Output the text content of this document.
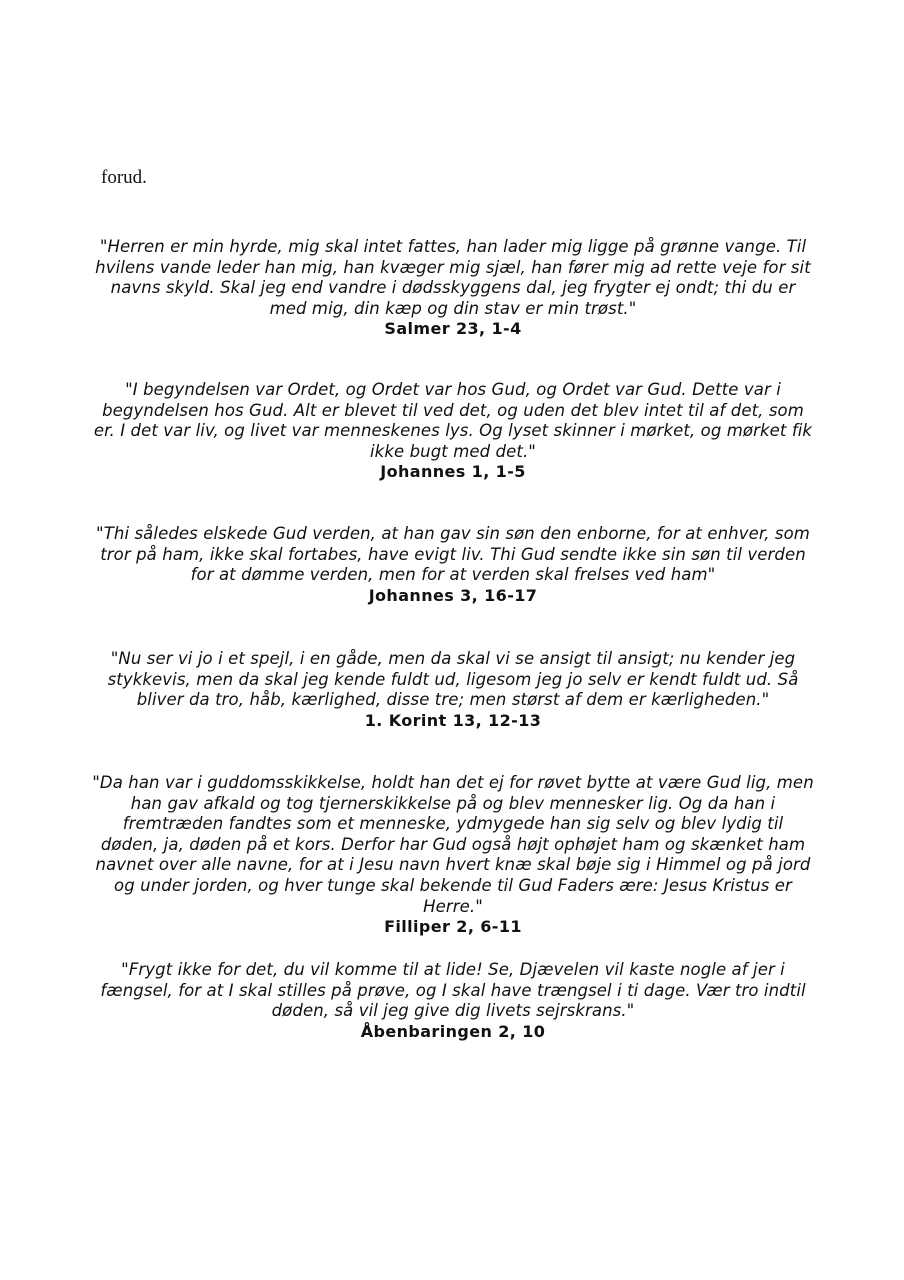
forud.

"Herren er min hyrde, mig skal intet fattes, han lader mig ligge på grønne vange. Til hvilens vande leder han mig, han kvæger mig sjæl, han fører mig ad rette veje for sit navns skyld. Skal jeg end vandre i dødsskyggens dal, jeg frygter ej ondt; thi du er med mig, din kæp og din stav er min trøst."

Salmer 23, 1-4

"I begyndelsen var Ordet, og Ordet var hos Gud, og Ordet var Gud. Dette var i begyndelsen hos Gud. Alt er blevet til ved det, og uden det blev intet til af det, som er. I det var liv, og livet var menneskenes lys. Og lyset skinner i mørket, og mørket fik ikke bugt med det."

Johannes 1, 1-5

"Thi således elskede Gud verden, at han gav sin søn den enborne, for at enhver, som tror på ham, ikke skal fortabes, have evigt liv. Thi Gud sendte ikke sin søn til verden for at dømme verden, men for at verden skal frelses ved ham"

Johannes 3, 16-17

"Nu ser vi jo i et spejl, i en gåde, men da skal vi se ansigt til ansigt; nu kender jeg stykkevis, men da skal jeg kende fuldt ud, ligesom jeg jo selv er kendt fuldt ud. Så bliver da tro, håb, kærlighed, disse tre; men størst af dem er kærligheden."

1. Korint 13, 12-13

"Da han var i guddomsskikkelse, holdt han det ej for røvet bytte at være Gud lig, men han gav afkald og tog tjernerskikkelse på og blev mennesker lig. Og da han i fremtræden fandtes som et menneske, ydmygede han sig selv og blev lydig til døden, ja, døden på et kors. Derfor har Gud også højt ophøjet ham og skænket ham navnet over alle navne, for at i Jesu navn hvert knæ skal bøje sig i Himmel og på jord og under jorden, og hver tunge skal bekende til Gud Faders ære: Jesus Kristus er Herre."

Filliper 2, 6-11

"Frygt ikke for det, du vil komme til at lide! Se, Djævelen vil kaste nogle af jer i fængsel, for at I skal stilles på prøve, og I skal have trængsel i ti dage. Vær tro indtil døden, så vil jeg give dig livets sejrskrans."

Åbenbaringen 2, 10
